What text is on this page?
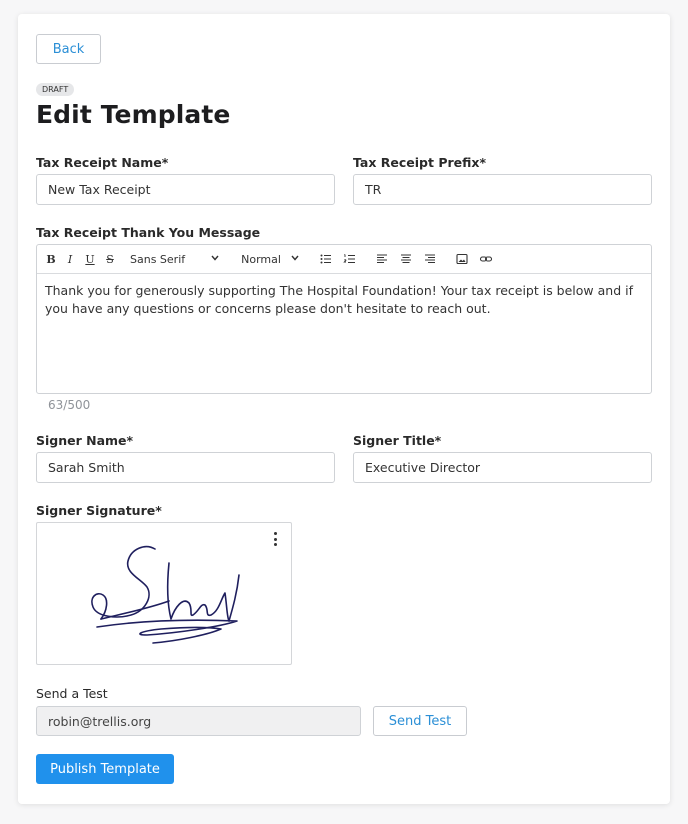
Back
DRAFT
Edit Template
Tax Receipt Name*
New Tax Receipt
Tax Receipt Prefix*
TR
Tax Receipt Thank You Message
B	I	U S Sans Serif	Normal
Thank you for generously supporting The Hospital Foundation! Your tax receipt is below and if you have any questions or concerns please don't hesitate to reach out.
63/500
Signer Name*
Sarah Smith
Signer Title*
Executive Director
Signer Signature*
Send a Test
robin@trellis.org	Send Test
Publish Template
